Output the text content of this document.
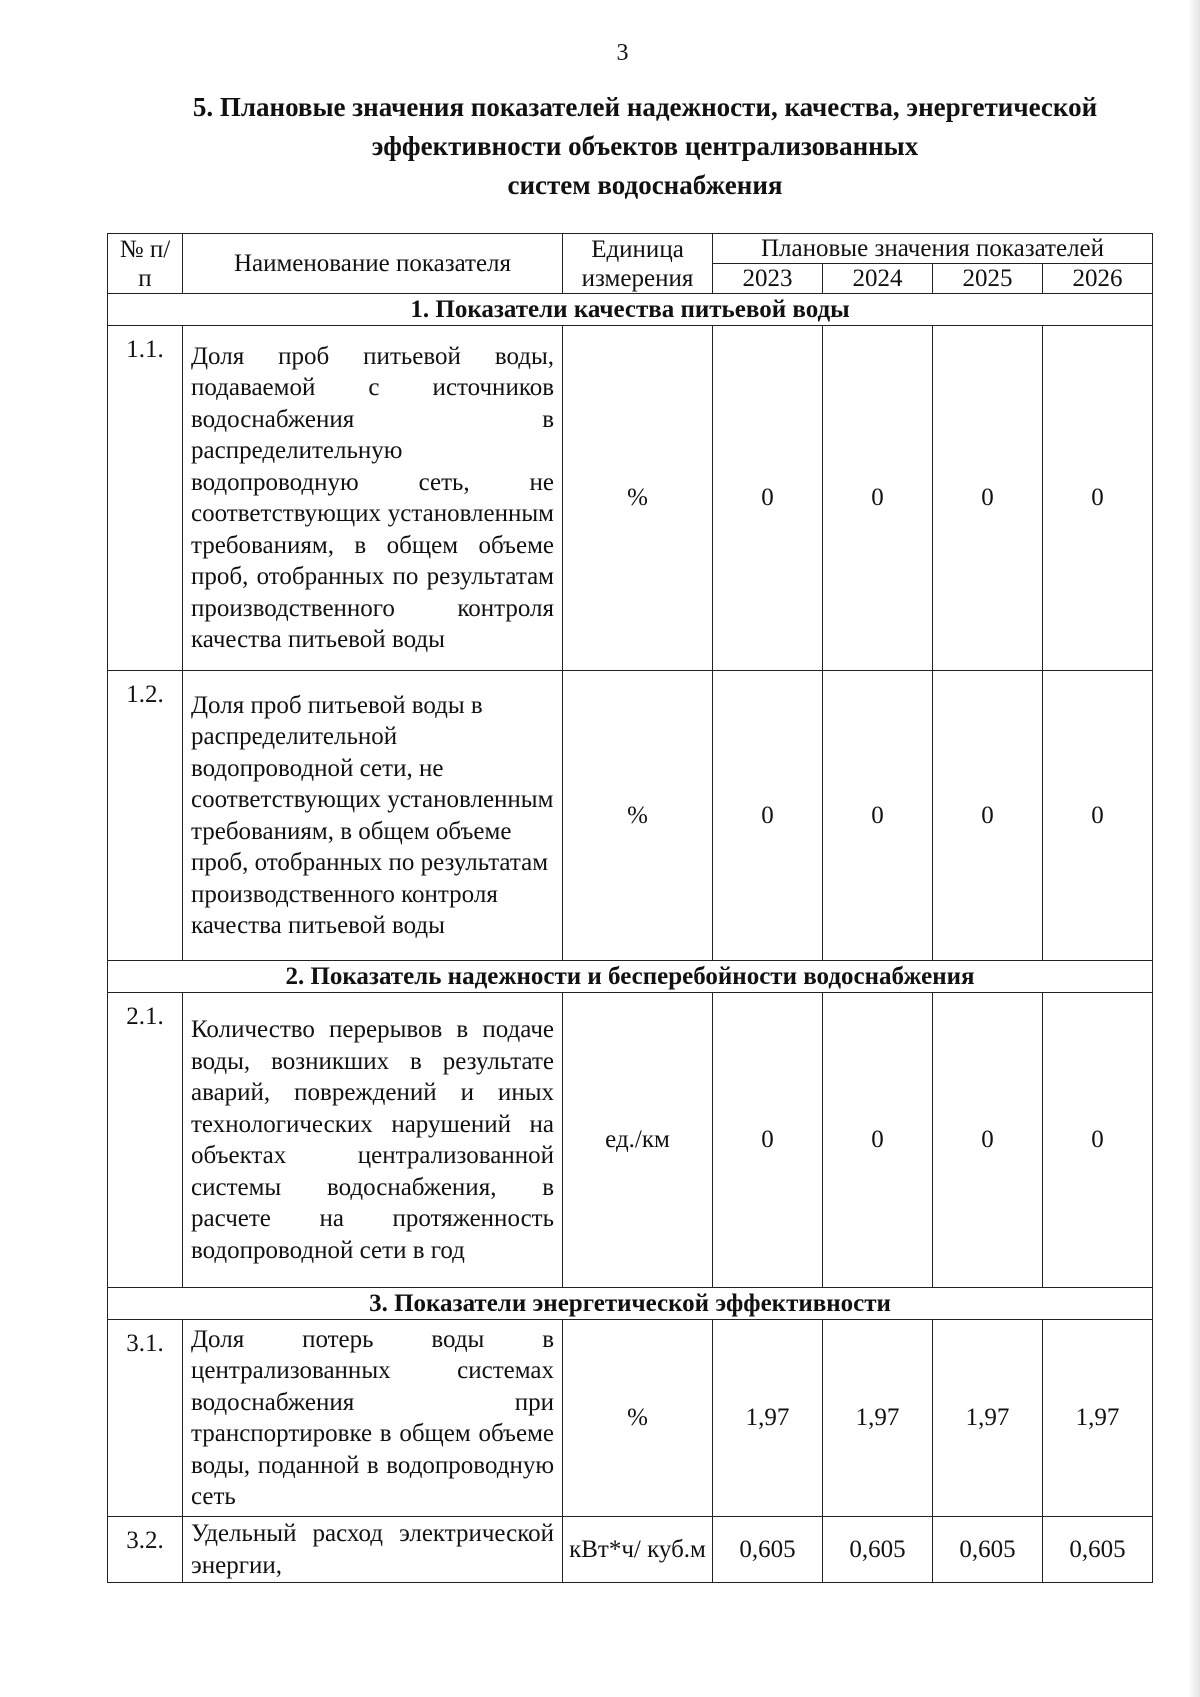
3
5. Плановые значения показателей надежности, качества, энергетической
эффективности объектов централизованных
систем водоснабжения
№ п/п	Наименование показателя	Единица измерения	Плановые значения показателей			
			2023	2024	2025	2026
1. Показатели качества питьевой воды						
1.1.	Доля проб питьевой воды, подаваемой с источников водоснабжения в распределительную водопроводную сеть, не соответствующих установленным требованиям, в общем объеме проб, отобранных по результатам производственного контроля качества питьевой воды	%	0	0	0	0
1.2.	Доля проб питьевой воды в распределительной водопроводной сети, не соответствующих установленным требованиям, в общем объеме проб, отобранных по результатам производственного контроля качества питьевой воды	%	0	0	0	0
2. Показатель надежности и бесперебойности водоснабжения						
2.1.	Количество перерывов в подаче воды, возникших в результате аварий, повреждений и иных технологических нарушений на объектах централизованной системы водоснабжения, в расчете на протяженность водопроводной сети в год	ед./км	0	0	0	0
3. Показатели энергетической эффективности						
3.1.	Доля потерь воды в централизованных системах водоснабжения при транспортировке в общем объеме воды, поданной в водопроводную сеть	%	1,97	1,97	1,97	1,97
3.2.	Удельный расход электрической энергии,	кВт*ч/ куб.м	0,605	0,605	0,605	0,605
